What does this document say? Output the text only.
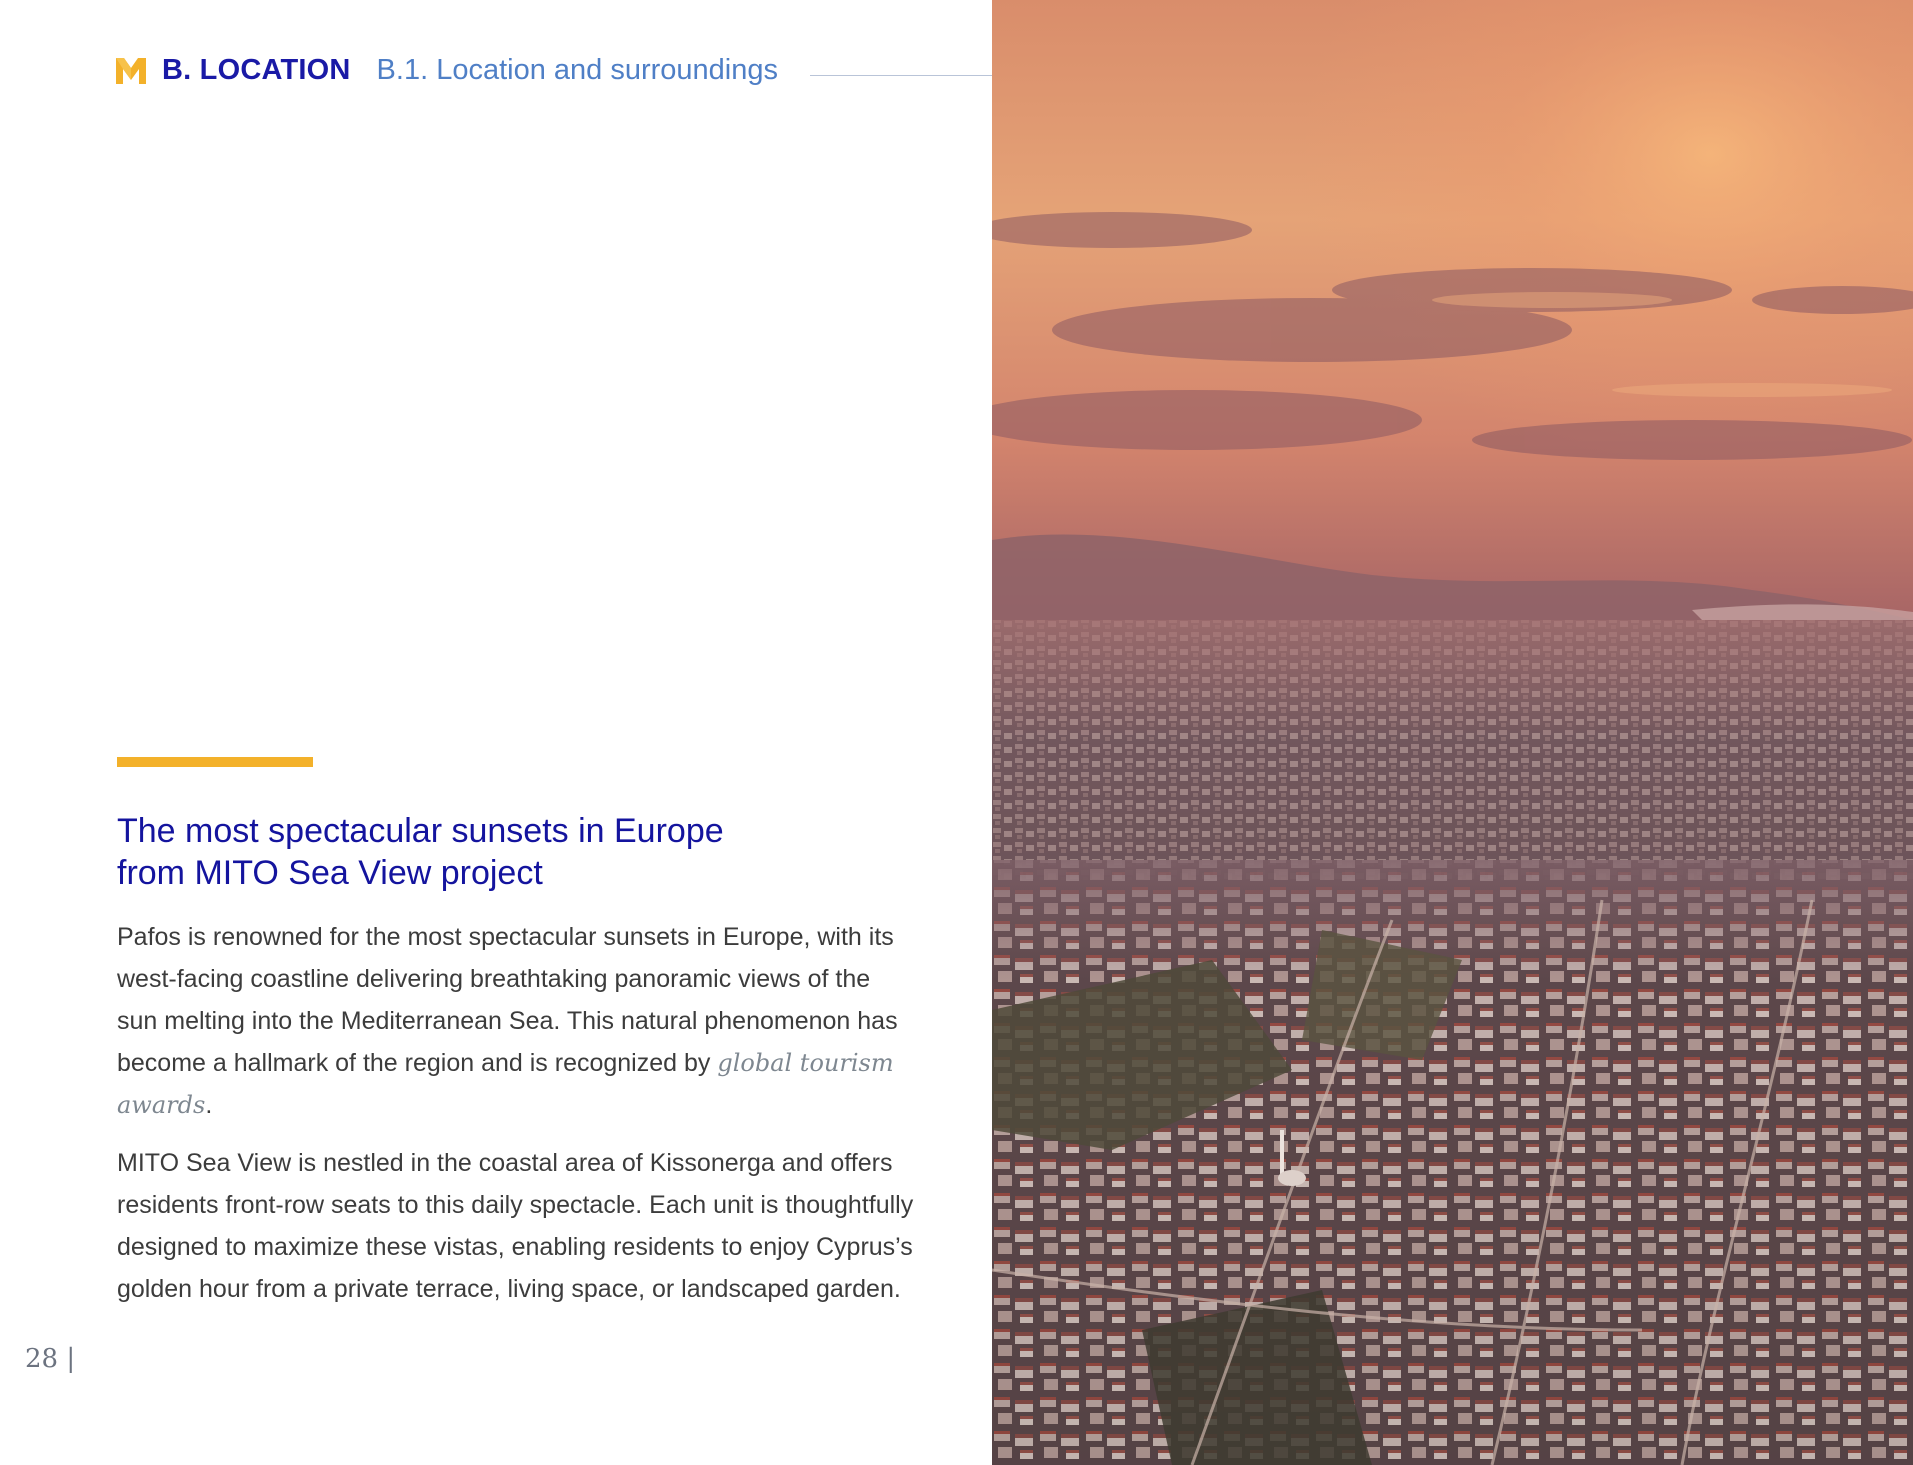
B. LOCATION B.1. Location and surroundings
The most spectacular sunsets in Europe
from MITO Sea View project

Pafos is renowned for the most spectacular sunsets in Europe, with its west-facing coastline delivering breathtaking panoramic views of the sun melting into the Mediterranean Sea. This natural phenomenon has become a hallmark of the region and is recognized by global tourism awards.

MITO Sea View is nestled in the coastal area of Kissonerga and offers residents front-row seats to this daily spectacle. Each unit is thoughtfully designed to maximize these vistas, enabling residents to enjoy Cyprus’s golden hour from a private terrace, living space, or landscaped garden.

28 |
